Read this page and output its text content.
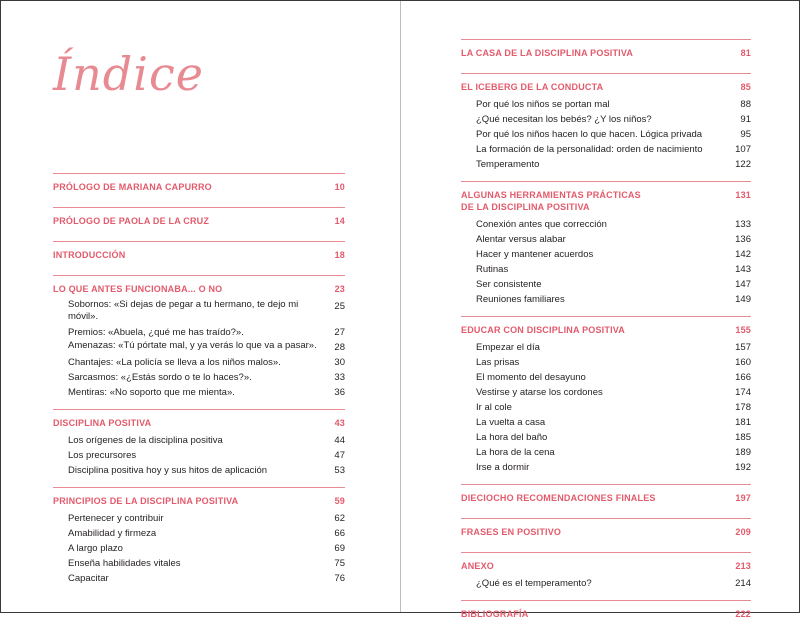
Índice
PRÓLOGO DE MARIANA CAPURRO	10
PRÓLOGO DE PAOLA DE LA CRUZ	14
INTRODUCCIÓN	18
LO QUE ANTES FUNCIONABA... O NO	23
Sobornos: «Si dejas de pegar a tu hermano, te dejo mi móvil».
25
Premios: «Abuela, ¿qué me has traído?».	27
Amenazas: «Tú pórtate mal, y ya verás lo que va a pasar».	28
Chantajes: «La policía se lleva a los niños malos».	30
Sarcasmos: «¿Estás sordo o te lo haces?».	33
Mentiras: «No soporto que me mienta».	36
DISCIPLINA POSITIVA	43
Los orígenes de la disciplina positiva	44
Los precursores	47
Disciplina positiva hoy y sus hitos de aplicación	53
PRINCIPIOS DE LA DISCIPLINA POSITIVA	59
Pertenecer y contribuir	62
Amabilidad y firmeza	66
A largo plazo	69
Enseña habilidades vitales	75
Capacitar	76
LA CASA DE LA DISCIPLINA POSITIVA	81
EL ICEBERG DE LA CONDUCTA	85
Por qué los niños se portan mal	88
¿Qué necesitan los bebés? ¿Y los niños?	91
Por qué los niños hacen lo que hacen. Lógica privada	95
La formación de la personalidad: orden de nacimiento	107
Temperamento	122
ALGUNAS HERRAMIENTAS PRÁCTICAS
DE LA DISCIPLINA POSITIVA
131
Conexión antes que corrección	133
Alentar versus alabar	136
Hacer y mantener acuerdos	142
Rutinas	143
Ser consistente	147
Reuniones familiares	149
EDUCAR CON DISCIPLINA POSITIVA	155
Empezar el día	157
Las prisas	160
El momento del desayuno	166
Vestirse y atarse los cordones	174
Ir al cole	178
La vuelta a casa	181
La hora del baño	185
La hora de la cena	189
Irse a dormir	192
DIECIOCHO RECOMENDACIONES FINALES	197
FRASES EN POSITIVO	209
ANEXO	213
¿Qué es el temperamento?	214
BIBLIOGRAFÍA	222
